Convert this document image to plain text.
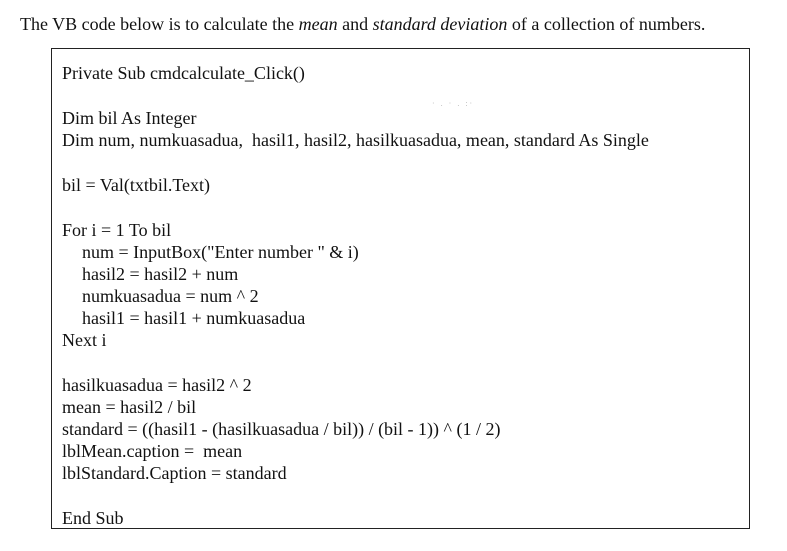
The VB code below is to calculate the mean and standard deviation of a collection of numbers.
· . · . :·
Private Sub cmdcalculate_Click()
Dim bil As Integer
Dim num, numkuasadua,  hasil1, hasil2, hasilkuasadua, mean, standard As Single
bil = Val(txtbil.Text)
For i = 1 To bil
num = InputBox("Enter number " & i)
hasil2 = hasil2 + num
numkuasadua = num ^ 2
hasil1 = hasil1 + numkuasadua
Next i
hasilkuasadua = hasil2 ^ 2
mean = hasil2 / bil
standard = ((hasil1 - (hasilkuasadua / bil)) / (bil - 1)) ^ (1 / 2)
lblMean.caption =  mean
lblStandard.Caption = standard
End Sub
